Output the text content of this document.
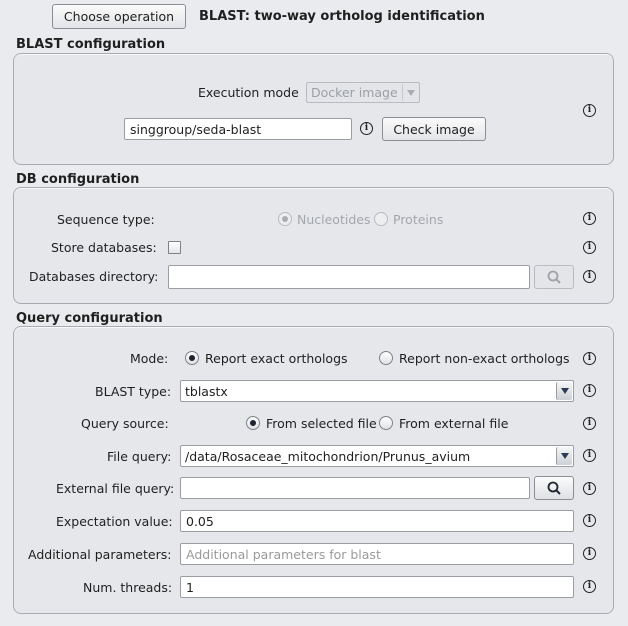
Choose operation	BLAST: two-way ortholog identification
BLAST configuration
Execution mode Docker image
singgroup/seda-blast	i	Check image
i
DB configuration
Sequence type:	Nucleotides Proteins	i
Store databases:	i
Databases directory:	i
Query configuration
Mode:	Report exact orthologs	Report non-exact orthologs	i
BLAST type: tblastx	i
Query source:	From selected file From external file	i
File query: /data/Rosaceae_mitochondrion/Prunus_avium	i
External file query:	i
Expectation value: 0.05	i
Additional parameters: Additional parameters for blast	i
Num. threads: 1	i
